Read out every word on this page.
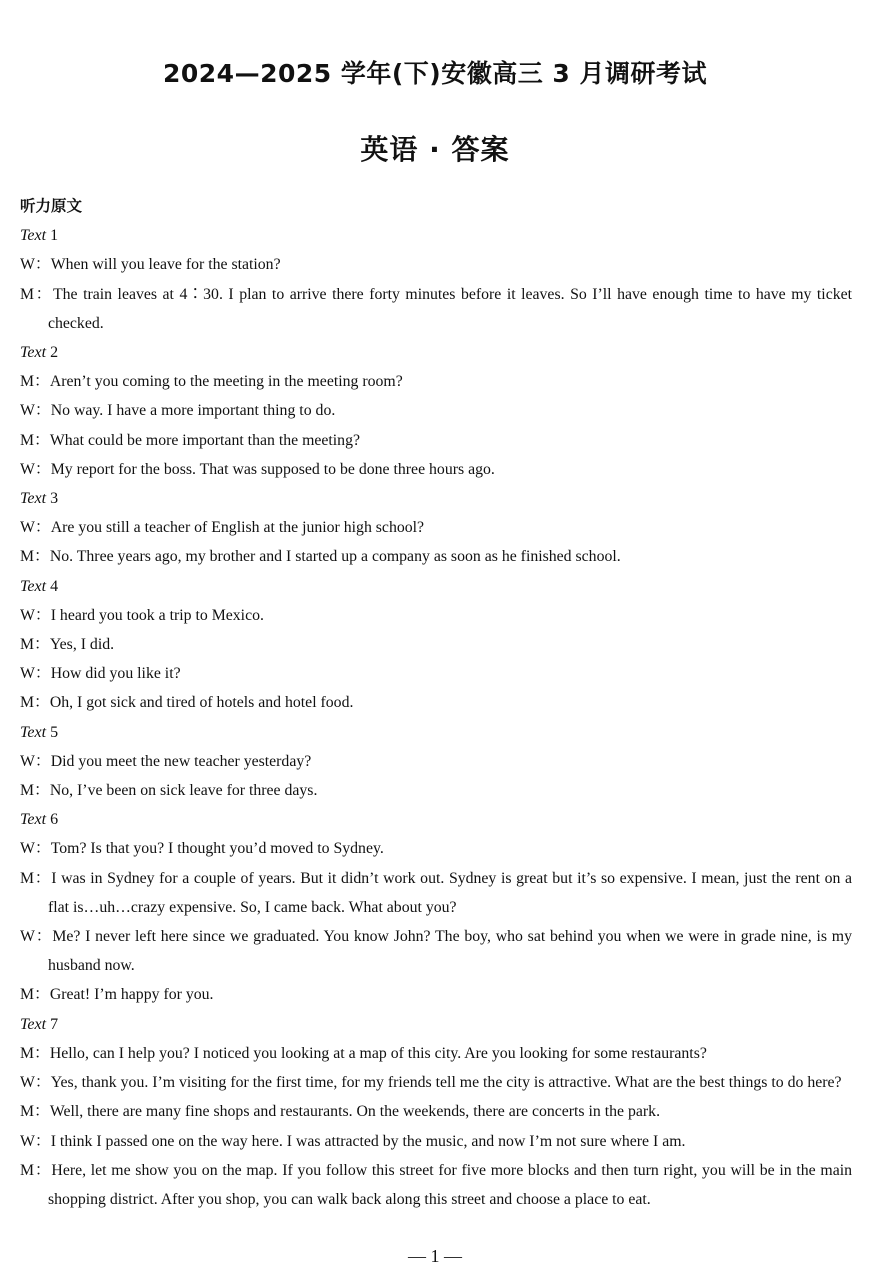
2024—2025 学年(下)安徽高三 3 月调研考试
英语 · 答案
听力原文
Text 1
W：When will you leave for the station?
M：The train leaves at 4∶30. I plan to arrive there forty minutes before it leaves. So I’ll have enough time to have my ticket checked.
Text 2
M：Aren’t you coming to the meeting in the meeting room?
W：No way. I have a more important thing to do.
M：What could be more important than the meeting?
W：My report for the boss. That was supposed to be done three hours ago.
Text 3
W：Are you still a teacher of English at the junior high school?
M：No. Three years ago, my brother and I started up a company as soon as he finished school.
Text 4
W：I heard you took a trip to Mexico.
M：Yes, I did.
W：How did you like it?
M：Oh, I got sick and tired of hotels and hotel food.
Text 5
W：Did you meet the new teacher yesterday?
M：No, I’ve been on sick leave for three days.
Text 6
W：Tom? Is that you? I thought you’d moved to Sydney.
M：I was in Sydney for a couple of years. But it didn’t work out. Sydney is great but it’s so expensive. I mean, just the rent on a flat is…uh…crazy expensive. So, I came back. What about you?
W：Me? I never left here since we graduated. You know John? The boy, who sat behind you when we were in grade nine, is my husband now.
M：Great! I’m happy for you.
Text 7
M：Hello, can I help you? I noticed you looking at a map of this city. Are you looking for some restaurants?
W：Yes, thank you. I’m visiting for the first time, for my friends tell me the city is attractive. What are the best things to do here?
M：Well, there are many fine shops and restaurants. On the weekends, there are concerts in the park.
W：I think I passed one on the way here. I was attracted by the music, and now I’m not sure where I am.
M：Here, let me show you on the map. If you follow this street for five more blocks and then turn right, you will be in the main shopping district. After you shop, you can walk back along this street and choose a place to eat.
— 1 —
